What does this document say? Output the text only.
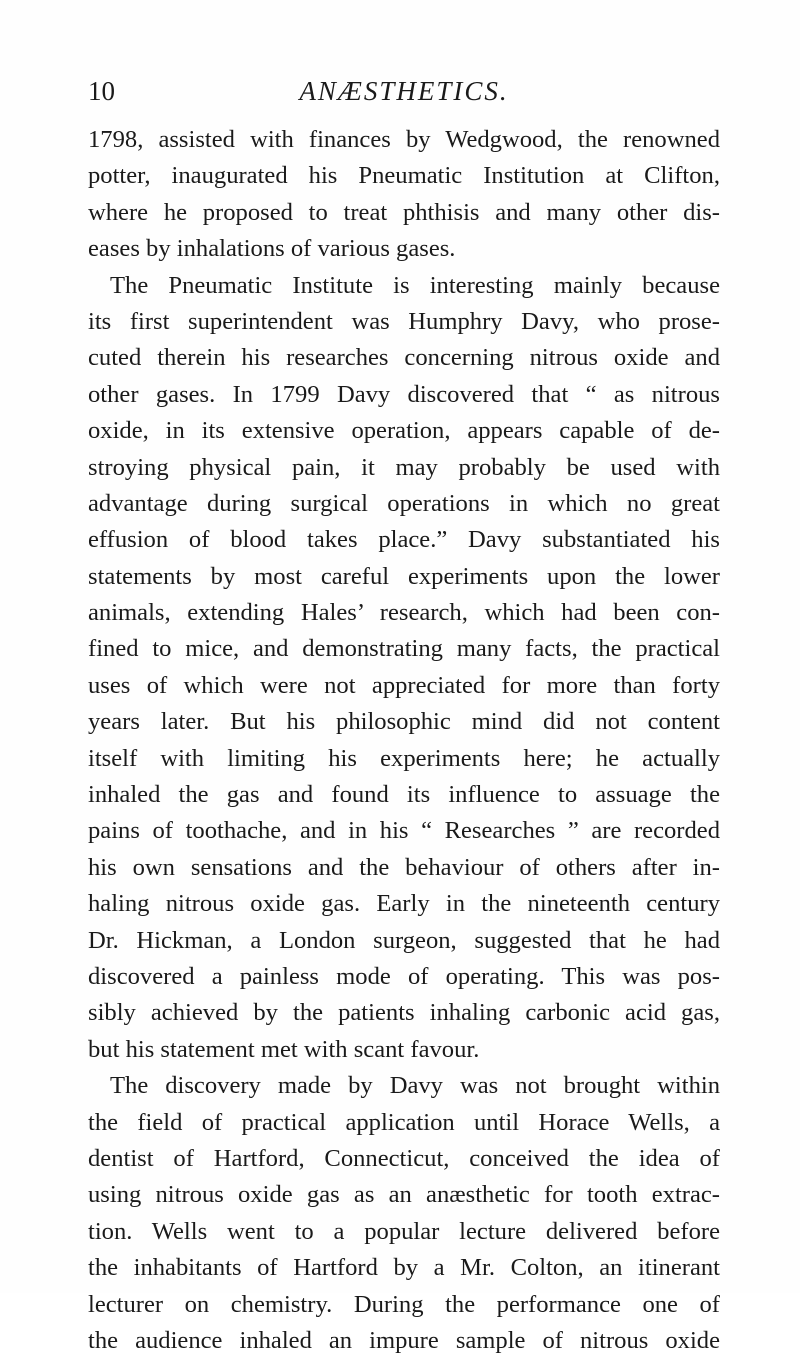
10	ANÆSTHETICS.
1798, assisted with finances by Wedgwood, the renowned
potter, inaugurated his Pneumatic Institution at Clifton,
where he proposed to treat phthisis and many other dis-
eases by inhalations of various gases.
The Pneumatic Institute is interesting mainly because
its first superintendent was Humphry Davy, who prose-
cuted therein his researches concerning nitrous oxide and
other gases. In 1799 Davy discovered that “ as nitrous
oxide, in its extensive operation, appears capable of de-
stroying physical pain, it may probably be used with
advantage during surgical operations in which no great
effusion of blood takes place.” Davy substantiated his
statements by most careful experiments upon the lower
animals, extending Hales’ research, which had been con-
fined to mice, and demonstrating many facts, the practical
uses of which were not appreciated for more than forty
years later. But his philosophic mind did not content
itself with limiting his experiments here; he actually
inhaled the gas and found its influence to assuage the
pains of toothache, and in his “ Researches ” are recorded
his own sensations and the behaviour of others after in-
haling nitrous oxide gas. Early in the nineteenth century
Dr. Hickman, a London surgeon, suggested that he had
discovered a painless mode of operating. This was pos-
sibly achieved by the patients inhaling carbonic acid gas,
but his statement met with scant favour.
The discovery made by Davy was not brought within
the field of practical application until Horace Wells, a
dentist of Hartford, Connecticut, conceived the idea of
using nitrous oxide gas as an anæsthetic for tooth extrac-
tion. Wells went to a popular lecture delivered before
the inhabitants of Hartford by a Mr. Colton, an itinerant
lecturer on chemistry. During the performance one of
the audience inhaled an impure sample of nitrous oxide
